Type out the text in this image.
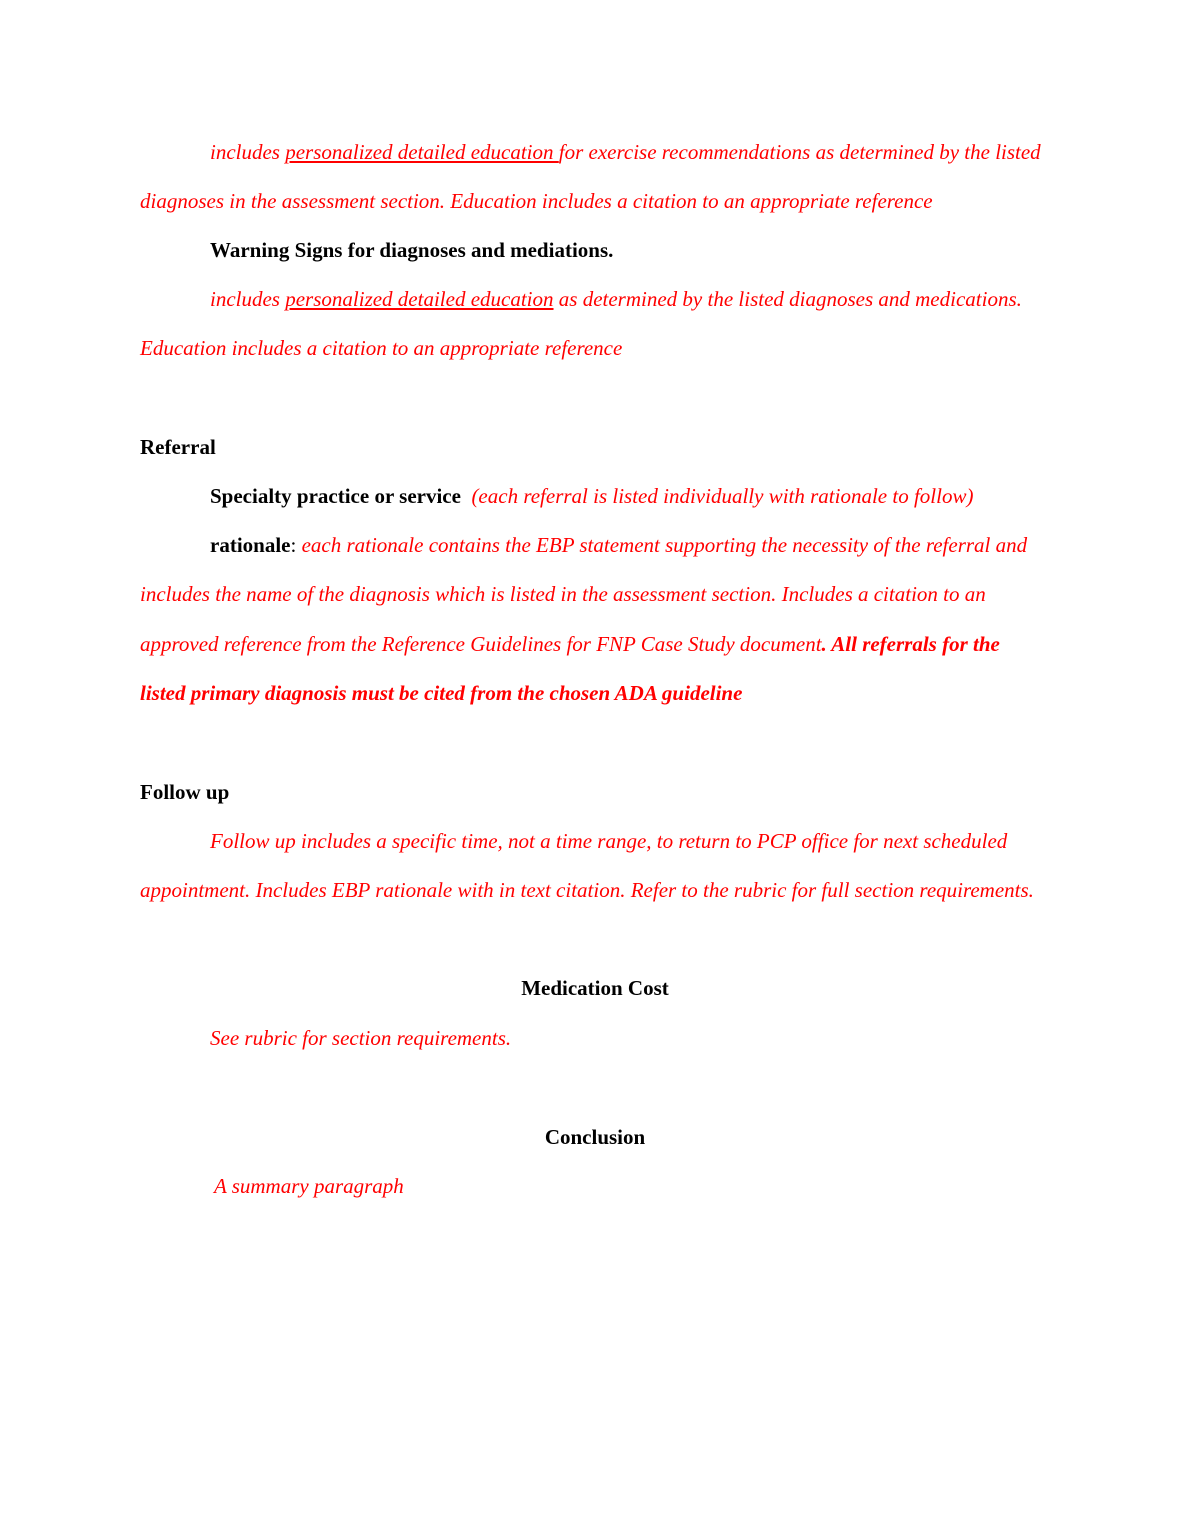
includes personalized detailed education for exercise recommendations as determined by the listed diagnoses in the assessment section. Education includes a citation to an appropriate reference

Warning Signs for diagnoses and mediations.

includes personalized detailed education as determined by the listed diagnoses and medications. Education includes a citation to an appropriate reference

Referral

Specialty practice or service (each referral is listed individually with rationale to follow)

rationale: each rationale contains the EBP statement supporting the necessity of the referral and includes the name of the diagnosis which is listed in the assessment section. Includes a citation to an approved reference from the Reference Guidelines for FNP Case Study document. All referrals for the listed primary diagnosis must be cited from the chosen ADA guideline

Follow up

Follow up includes a specific time, not a time range, to return to PCP office for next scheduled appointment. Includes EBP rationale with in text citation. Refer to the rubric for full section requirements.

Medication Cost

See rubric for section requirements.

Conclusion

A summary paragraph
